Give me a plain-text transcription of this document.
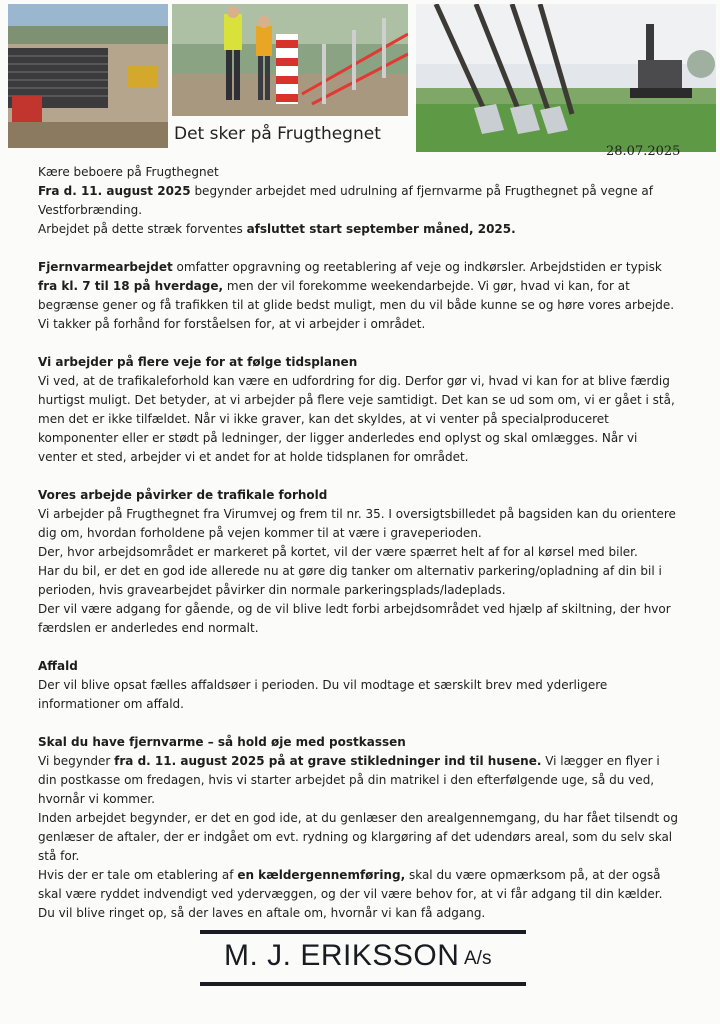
Det sker på Frugthegnet
28.07.2025

Kære beboere på Frugthegnet

Fra d. 11. august 2025 begynder arbejdet med udrulning af fjernvarme på Frugthegnet på vegne af Vestforbrænding.
Arbejdet på dette stræk forventes afsluttet start september måned, 2025.

Fjernvarmearbejdet omfatter opgravning og reetablering af veje og indkørsler. Arbejdstiden er typisk fra kl. 7 til 18 på hverdage, men der vil forekomme weekendarbejde. Vi gør, hvad vi kan, for at begrænse gener og få trafikken til at glide bedst muligt, men du vil både kunne se og høre vores arbejde. Vi takker på forhånd for forståelsen for, at vi arbejder i området.

Vi arbejder på flere veje for at følge tidsplanen

Vi ved, at de trafikaleforhold kan være en udfordring for dig. Derfor gør vi, hvad vi kan for at blive færdig hurtigst muligt. Det betyder, at vi arbejder på flere veje samtidigt. Det kan se ud som om, vi er gået i stå, men det er ikke tilfældet. Når vi ikke graver, kan det skyldes, at vi venter på specialproduceret komponenter eller er stødt på ledninger, der ligger anderledes end oplyst og skal omlægges. Når vi venter et sted, arbejder vi et andet for at holde tidsplanen for området.

Vores arbejde påvirker de trafikale forhold

Vi arbejder på Frugthegnet fra Virumvej og frem til nr. 35. I oversigtsbilledet på bagsiden kan du orientere dig om, hvordan forholdene på vejen kommer til at være i graveperioden.

Der, hvor arbejdsområdet er markeret på kortet, vil der være spærret helt af for al kørsel med biler.

Har du bil, er det en god ide allerede nu at gøre dig tanker om alternativ parkering/opladning af din bil i perioden, hvis gravearbejdet påvirker din normale parkeringsplads/ladeplads.

Der vil være adgang for gående, og de vil blive ledt forbi arbejdsområdet ved hjælp af skiltning, der hvor færdslen er anderledes end normalt.

Affald

Der vil blive opsat fælles affaldsøer i perioden. Du vil modtage et særskilt brev med yderligere informationer om affald.

Skal du have fjernvarme – så hold øje med postkassen

Vi begynder fra d. 11. august 2025 på at grave stikledninger ind til husene. Vi lægger en flyer i din postkasse om fredagen, hvis vi starter arbejdet på din matrikel i den efterfølgende uge, så du ved, hvornår vi kommer.

Inden arbejdet begynder, er det en god ide, at du genlæser den arealgennemgang, du har fået tilsendt og genlæser de aftaler, der er indgået om evt. rydning og klargøring af det udendørs areal, som du selv skal stå for.

Hvis der er tale om etablering af en kældergennemføring, skal du være opmærksom på, at der også skal være ryddet indvendigt ved ydervæggen, og der vil være behov for, at vi får adgang til din kælder. Du vil blive ringet op, så der laves en aftale om, hvornår vi kan få adgang.

M. J. ERIKSSON A/s
